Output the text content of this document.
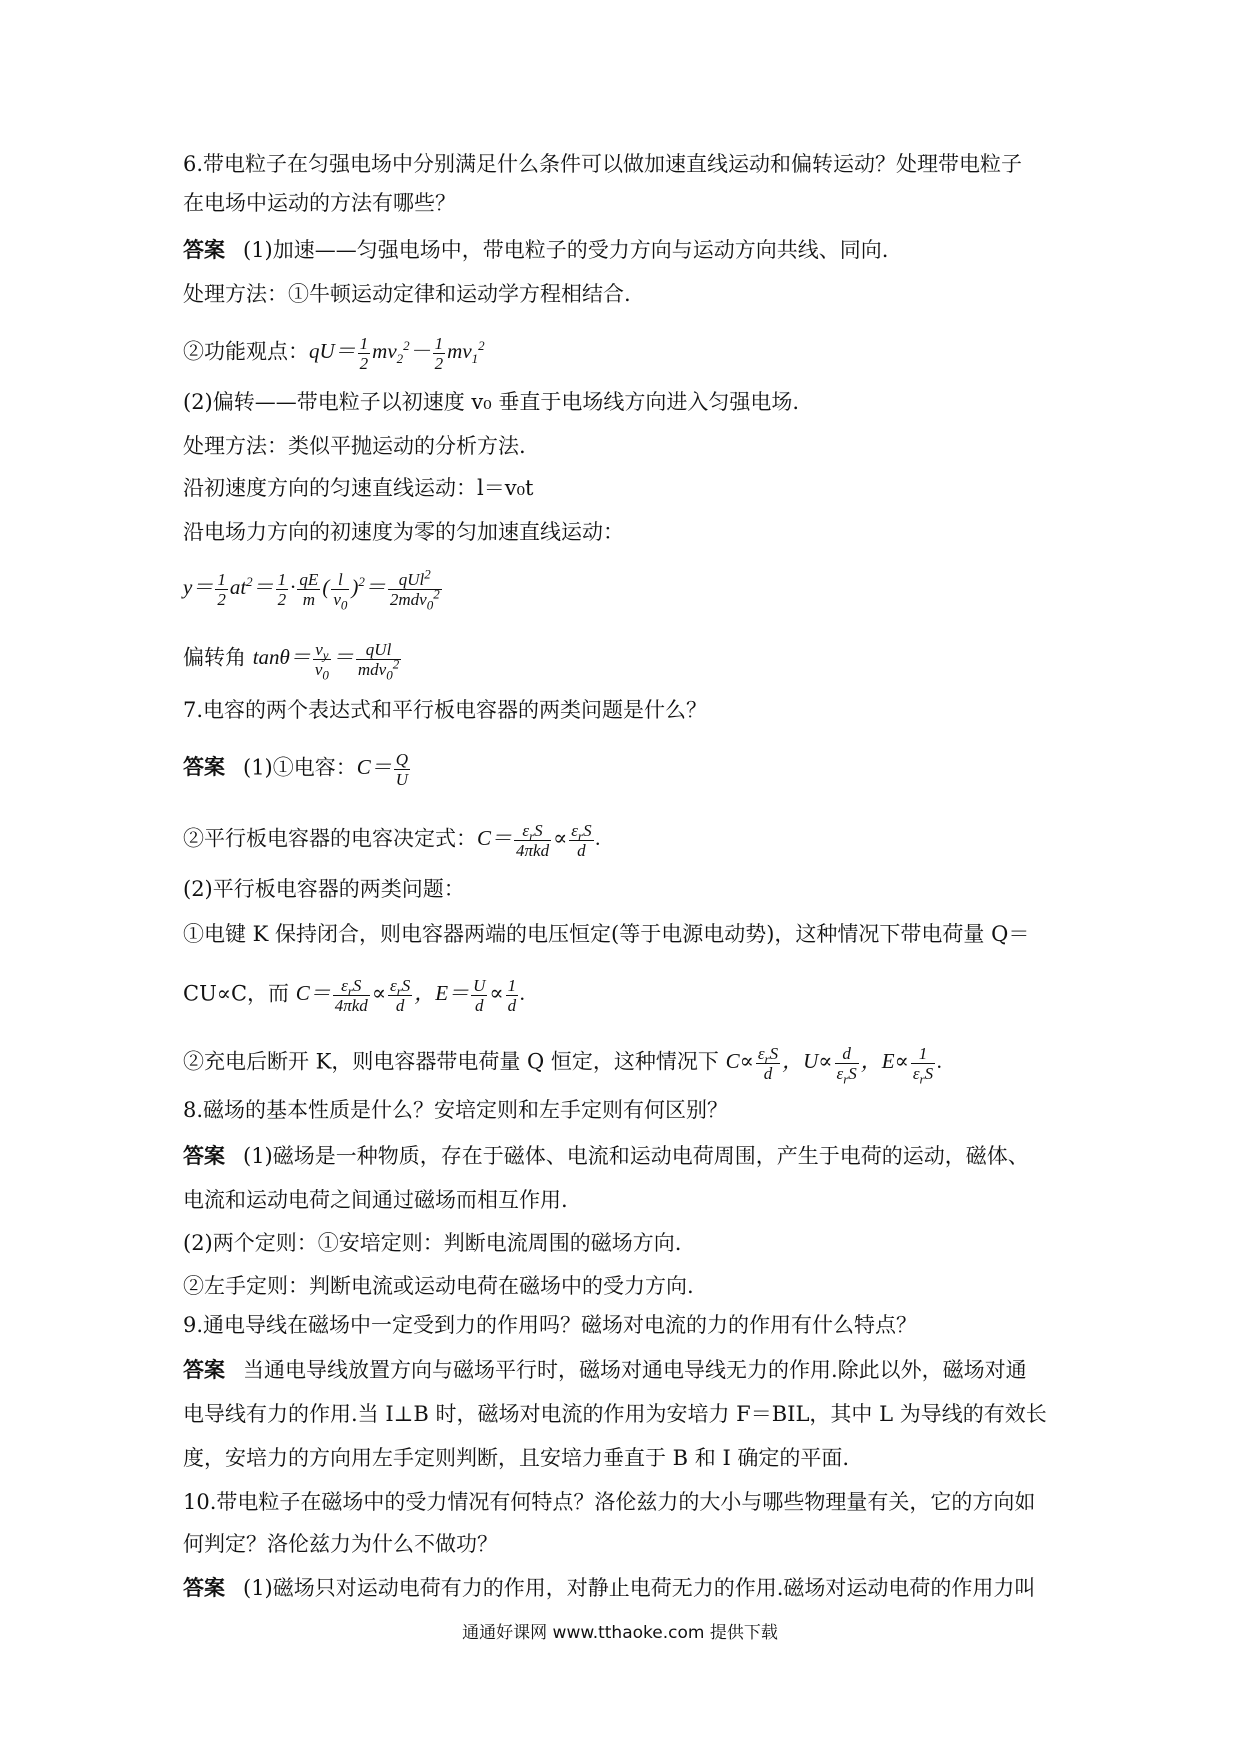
6.带电粒子在匀强电场中分别满足什么条件可以做加速直线运动和偏转运动？处理带电粒子
在电场中运动的方法有哪些？
答案 (1)加速——匀强电场中，带电粒子的受力方向与运动方向共线、同向.
处理方法：①牛顿运动定律和运动学方程相结合.
②功能观点：$qU= \frac{1}{2} mv_2^2- \frac{1}{2} mv_1^2$
(2)偏转——带电粒子以初速度 v₀ 垂直于电场线方向进入匀强电场.
处理方法：类似平抛运动的分析方法.
沿初速度方向的匀速直线运动：l＝v₀t
沿电场力方向的初速度为零的匀加速直线运动：
$y= \frac{1}{2} at^2= \frac{1}{2} \cdot \frac{qE}{m}$ ( $\frac{l}{v_0} )^2= \frac{qUl^2}{2mdv_0^2}$
偏转角 $\tan\theta= \frac{v_y}{v_0} = \frac{\text{qUl}}{mdv_0^2}$
7.电容的两个表达式和平行板电容器的两类问题是什么？
答案 (1)①电容：$C= \frac{Q}{U}$
②平行板电容器的电容决定式：$C= \frac{\varepsilon_rS}{\text{4πkd}} \propto \frac{\varepsilon_rS}{d}$ .
(2)平行板电容器的两类问题：
①电键 K 保持闭合，则电容器两端的电压恒定(等于电源电动势)，这种情况下带电荷量 Q＝
CU∝C，而 $C= \frac{\varepsilon_rS}{\text{4πkd}} \propto \frac{\varepsilon_rS}{d}$ ，$E= \frac{U}{d} \propto \frac{1}{d}$ .
②充电后断开 K，则电容器带电荷量 Q 恒定，这种情况下 $C\propto \frac{\varepsilon_rS}{d}$ ，$U\propto \frac{d}{\varepsilon_rS}$ ，$E\propto \frac{1}{\varepsilon_rS}$ .
8.磁场的基本性质是什么？安培定则和左手定则有何区别？
答案 (1)磁场是一种物质，存在于磁体、电流和运动电荷周围，产生于电荷的运动，磁体、
电流和运动电荷之间通过磁场而相互作用.
(2)两个定则：①安培定则：判断电流周围的磁场方向.
②左手定则：判断电流或运动电荷在磁场中的受力方向.
9.通电导线在磁场中一定受到力的作用吗？磁场对电流的力的作用有什么特点？
答案 当通电导线放置方向与磁场平行时，磁场对通电导线无力的作用.除此以外，磁场对通
电导线有力的作用.当 I⊥B 时，磁场对电流的作用为安培力 F＝BIL，其中 L 为导线的有效长
度，安培力的方向用左手定则判断，且安培力垂直于 B 和 I 确定的平面.
10.带电粒子在磁场中的受力情况有何特点？洛伦兹力的大小与哪些物理量有关，它的方向如
何判定？洛伦兹力为什么不做功？
答案 (1)磁场只对运动电荷有力的作用，对静止电荷无力的作用.磁场对运动电荷的作用力叫
通通好课网 www.tthaoke.com 提供下载
